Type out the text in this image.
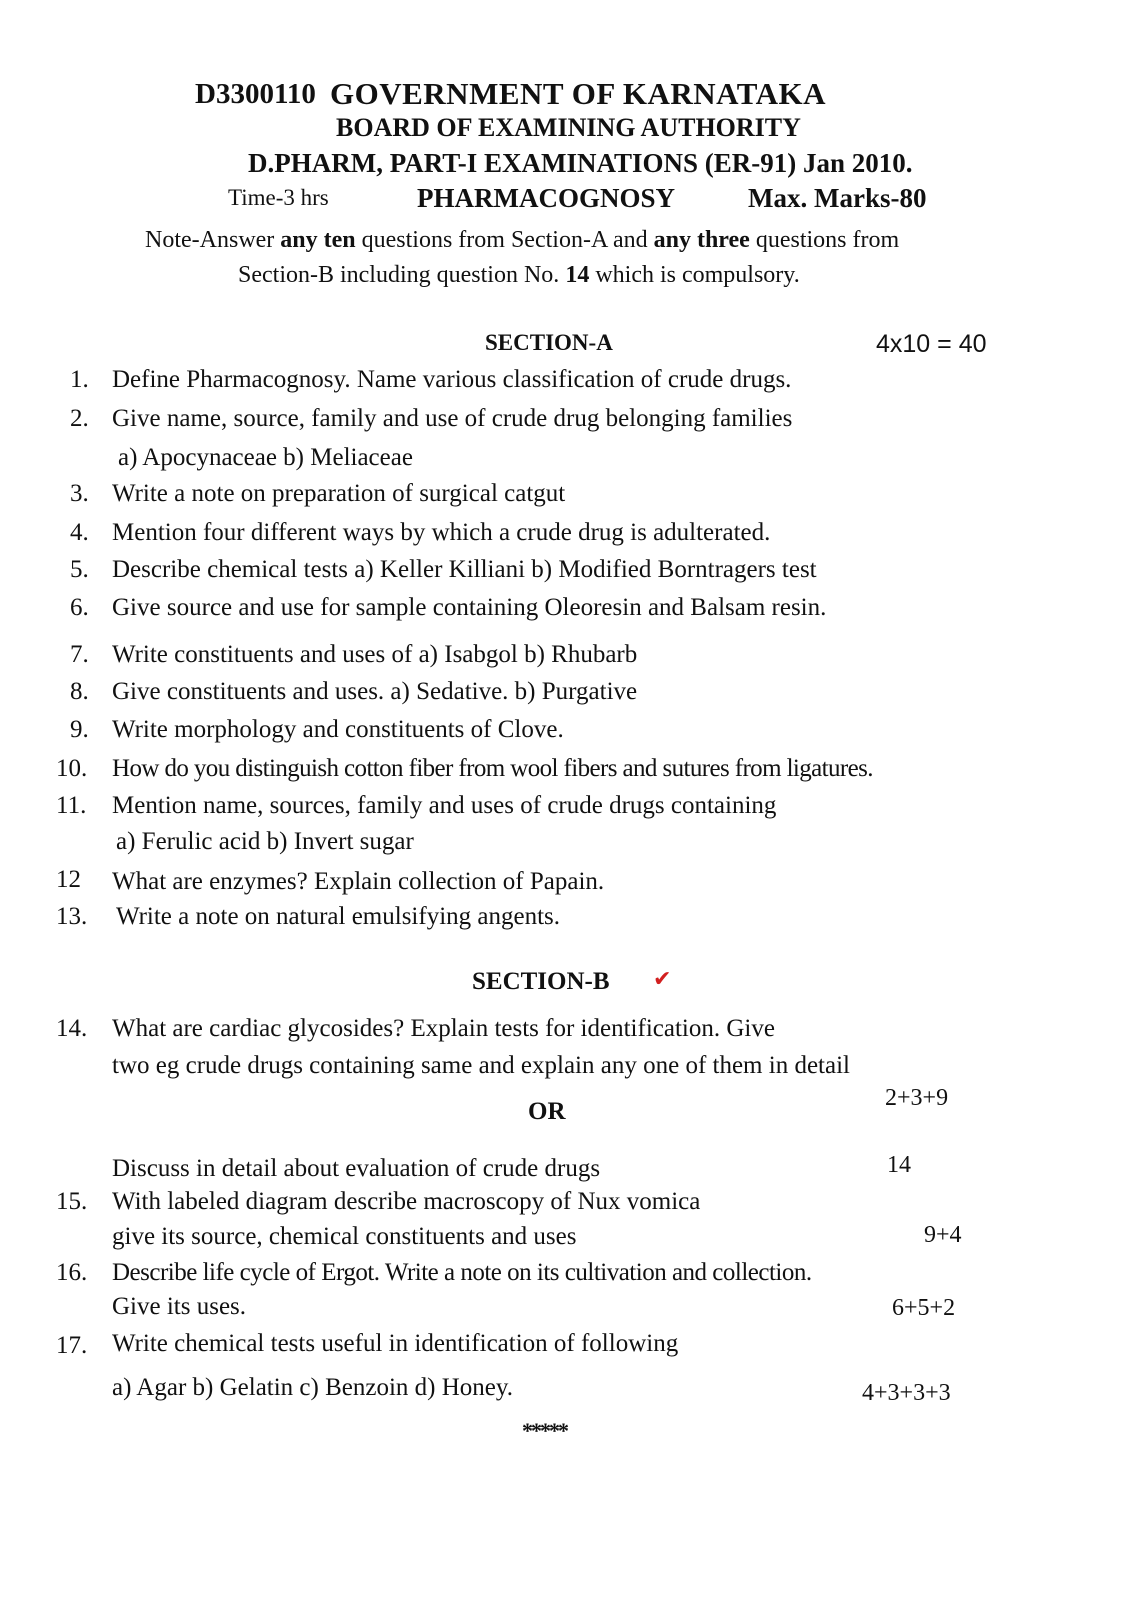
D3300110 GOVERNMENT OF KARNATAKA
BOARD OF EXAMINING AUTHORITY
D.PHARM, PART-I EXAMINATIONS (ER-91) Jan 2010.
Time-3 hrs	PHARMACOGNOSY	Max. Marks-80
Note-Answer any ten questions from Section-A and any three questions from
Section-B including question No. 14 which is compulsory.
SECTION-A	4x10 = 40
1. Define Pharmacognosy. Name various classification of crude drugs.
2. Give name, source, family and use of crude drug belonging families
a) Apocynaceae b) Meliaceae
3. Write a note on preparation of surgical catgut
4. Mention four different ways by which a crude drug is adulterated.
5. Describe chemical tests a) Keller Killiani b) Modified Borntragers test
6. Give source and use for sample containing Oleoresin and Balsam resin.
7. Write constituents and uses of a) Isabgol b) Rhubarb
8. Give constituents and uses. a) Sedative. b) Purgative
9. Write morphology and constituents of Clove.
10. How do you distinguish cotton fiber from wool fibers and sutures from ligatures.
11. Mention name, sources, family and uses of crude drugs containing
a) Ferulic acid b) Invert sugar
12 What are enzymes? Explain collection of Papain.
13. Write a note on natural emulsifying angents.
SECTION-B ✔
14. What are cardiac glycosides? Explain tests for identification. Give
two eg crude drugs containing same and explain any one of them in detail
2+3+9
OR
Discuss in detail about evaluation of crude drugs	14
15. With labeled diagram describe macroscopy of Nux vomica
give its source, chemical constituents and uses	9+4
16. Describe life cycle of Ergot. Write a note on its cultivation and collection.
Give its uses.	6+5+2
17. Write chemical tests useful in identification of following
a) Agar b) Gelatin c) Benzoin d) Honey.	4+3+3+3
*****
